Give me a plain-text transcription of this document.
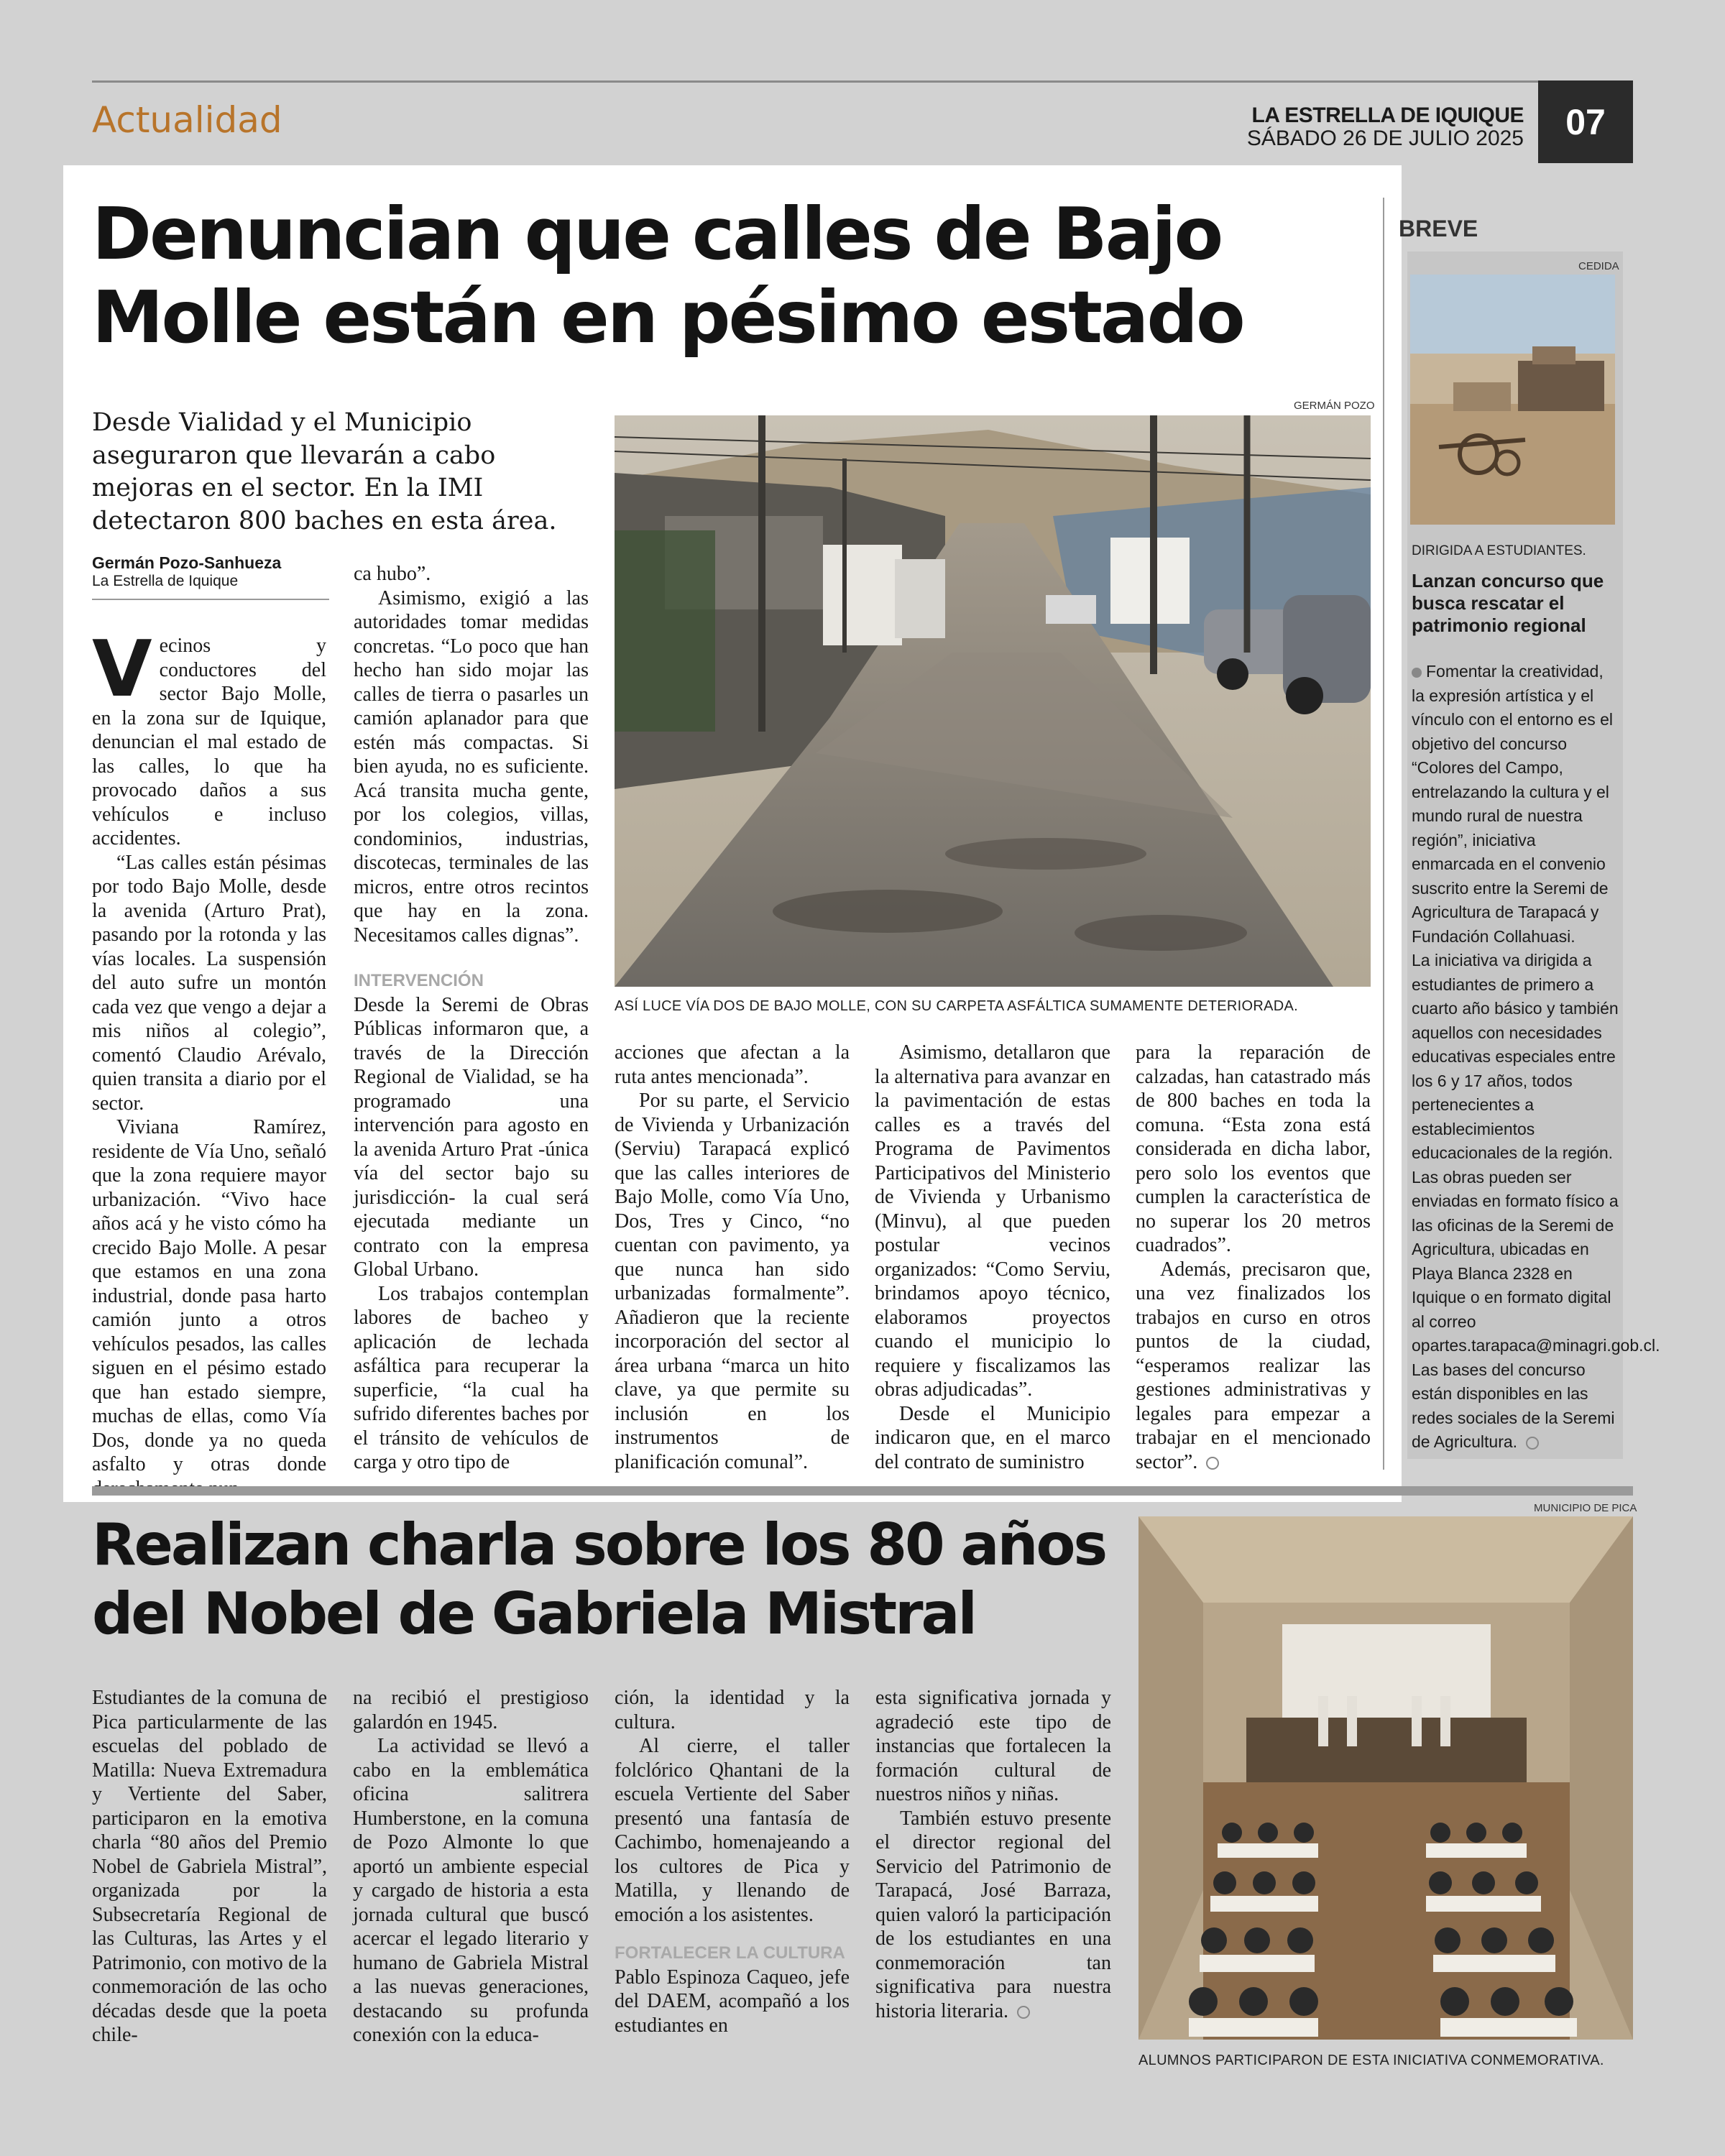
Actualidad	LA ESTRELLA DE IQUIQUE
SÁBADO 26 DE JULIO 2025	07
Denuncian que calles de Bajo Molle están en pésimo estado
Desde Vialidad y el Municipio aseguraron que llevarán a cabo mejoras en el sector. En la IMI detectaron 800 baches en esta área.
Germán Pozo-Sanhueza
La Estrella de Iquique

Vecinos y conductores del sector Bajo Molle, en la zona sur de Iquique, denuncian el mal estado de las calles, lo que ha provocado daños a sus vehículos e incluso accidentes.

“Las calles están pésimas por todo Bajo Molle, desde la avenida (Arturo Prat), pasando por la rotonda y las vías locales. La suspensión del auto sufre un montón cada vez que vengo a dejar a mis niños al colegio”, comentó Claudio Arévalo, quien transita a diario por el sector.

Viviana Ramírez, residente de Vía Uno, señaló que la zona requiere mayor urbanización. “Vivo hace años acá y he visto cómo ha crecido Bajo Molle. A pesar que estamos en una zona industrial, donde pasa harto camión junto a otros vehículos pesados, las calles siguen en el pésimo estado que han estado siempre, muchas de ellas, como Vía Dos, donde ya no queda asfalto y otras donde

ca hubo”.

Asimismo, exigió a las autoridades tomar medidas concretas. “Lo poco que han hecho han sido mojar las calles de tierra o pasarles un camión aplanador para que estén más compactas. Si bien ayuda, no es suficiente. Acá transita mucha gente, por los colegios, villas, condominios, industrias, discotecas, terminales de las micros, entre otros recintos que hay en la zona. Necesitamos calles dignas”.

INTERVENCIÓN

Desde la Seremi de Obras Públicas informaron que, a través de la Dirección Regional de Vialidad, se ha programado una intervención para agosto en la avenida Arturo Prat -única vía del sector bajo su jurisdicción- la cual será ejecutada mediante un contrato con la empresa Global Urbano.

Los trabajos contemplan labores de bacheo y aplicación de lechada asfáltica para recuperar la superficie, “la cual ha sufrido diferentes baches por el tránsito de vehículos de carga y otro tipo de

GERMÁN POZO
ASÍ LUCE VÍA DOS DE BAJO MOLLE, CON SU CARPETA ASFÁLTICA SUMAMENTE DETERIORADA.

acciones que afectan a la ruta antes mencionada”.

Por su parte, el Servicio de Vivienda y Urbanización (Serviu) Tarapacá explicó que las calles interiores de Bajo Molle, como Vía Uno, Dos, Tres y Cinco, “no cuentan con pavimento, ya que nunca han sido urbanizadas formalmente”. Añadieron que la reciente incorporación del sector al área urbana “marca un hito clave, ya que permite su inclusión en los instrumentos de planificación comunal”.

Asimismo, detallaron que la alternativa para avanzar en la pavimentación de estas calles es a través del Programa de Pavimentos Participativos del Ministerio de Vivienda y Urbanismo (Minvu), al que pueden postular vecinos organizados: “Como Serviu, brindamos apoyo técnico, elaboramos proyectos cuando el municipio lo requiere y fiscalizamos las obras adjudicadas”.

Desde el Municipio indicaron que, en el marco del contrato de suministro

para la reparación de calzadas, han catastrado más de 800 baches en toda la comuna. “Esta zona está considerada en dicha labor, pero solo los eventos que cumplen la característica de no superar los 20 metros cuadrados”.

Además, precisaron que, una vez finalizados los trabajos en curso en otros puntos de la ciudad, “esperamos realizar las gestiones administrativas y legales para empezar a trabajar en el mencionado sector”.

BREVE
CEDIDA
DIRIGIDA A ESTUDIANTES.
Lanzan concurso que busca rescatar el patrimonio regional
Fomentar la creatividad, la expresión artística y el vínculo con el entorno es el objetivo del concurso “Colores del Campo, entrelazando la cultura y el mundo rural de nuestra región”, iniciativa enmarcada en el convenio suscrito entre la Seremi de Agricultura de Tarapacá y Fundación Collahuasi.
La iniciativa va dirigida a estudiantes de primero a cuarto año básico y también aquellos con necesidades educativas especiales entre los 6 y 17 años, todos pertenecientes a establecimientos educacionales de la región. Las obras pueden ser enviadas en formato físico a las oficinas de la Seremi de Agricultura, ubicadas en Playa Blanca 2328 en Iquique o en formato digital al correo opartes.tarapaca@minagri.gob.cl. Las bases del concurso están disponibles en las redes sociales de la Seremi de Agricultura.
Realizan charla sobre los 80 años del Nobel de Gabriela Mistral

Estudiantes de la comuna de Pica particularmente de las escuelas del poblado de Matilla: Nueva Extremadura y Vertiente del Saber, participaron en la emotiva charla “80 años del Premio Nobel de Gabriela Mistral”, organizada por la Subsecretaría Regional de las Culturas, las Artes y el Patrimonio, con motivo de la conmemoración de las ocho décadas desde que la poeta chile-

na recibió el prestigioso galardón en 1945.

La actividad se llevó a cabo en la emblemática oficina salitrera Humberstone, en la comuna de Pozo Almonte lo que aportó un ambiente especial y cargado de historia a esta jornada cultural que buscó acercar el legado literario y humano de Gabriela Mistral a las nuevas generaciones, destacando su profunda conexión con la educa-

ción, la identidad y la cultura.

Al cierre, el taller folclórico Qhantani de la escuela Vertiente del Saber presentó una fantasía de Cachimbo, homenajeando a los cultores de Pica y Matilla, y llenando de emoción a los asistentes.

FORTALECER LA CULTURA

Pablo Espinoza Caqueo, jefe del DAEM, acompañó a los estudiantes en

esta significativa jornada y agradeció este tipo de instancias que fortalecen la formación cultural de nuestros niños y niñas.

También estuvo presente el director regional del Servicio del Patrimonio de Tarapacá, José Barraza, quien valoró la participación de los estudiantes en una conmemoración tan significativa para nuestra historia literaria.

MUNICIPIO DE PICA
ALUMNOS PARTICIPARON DE ESTA INICIATIVA CONMEMORATIVA.
